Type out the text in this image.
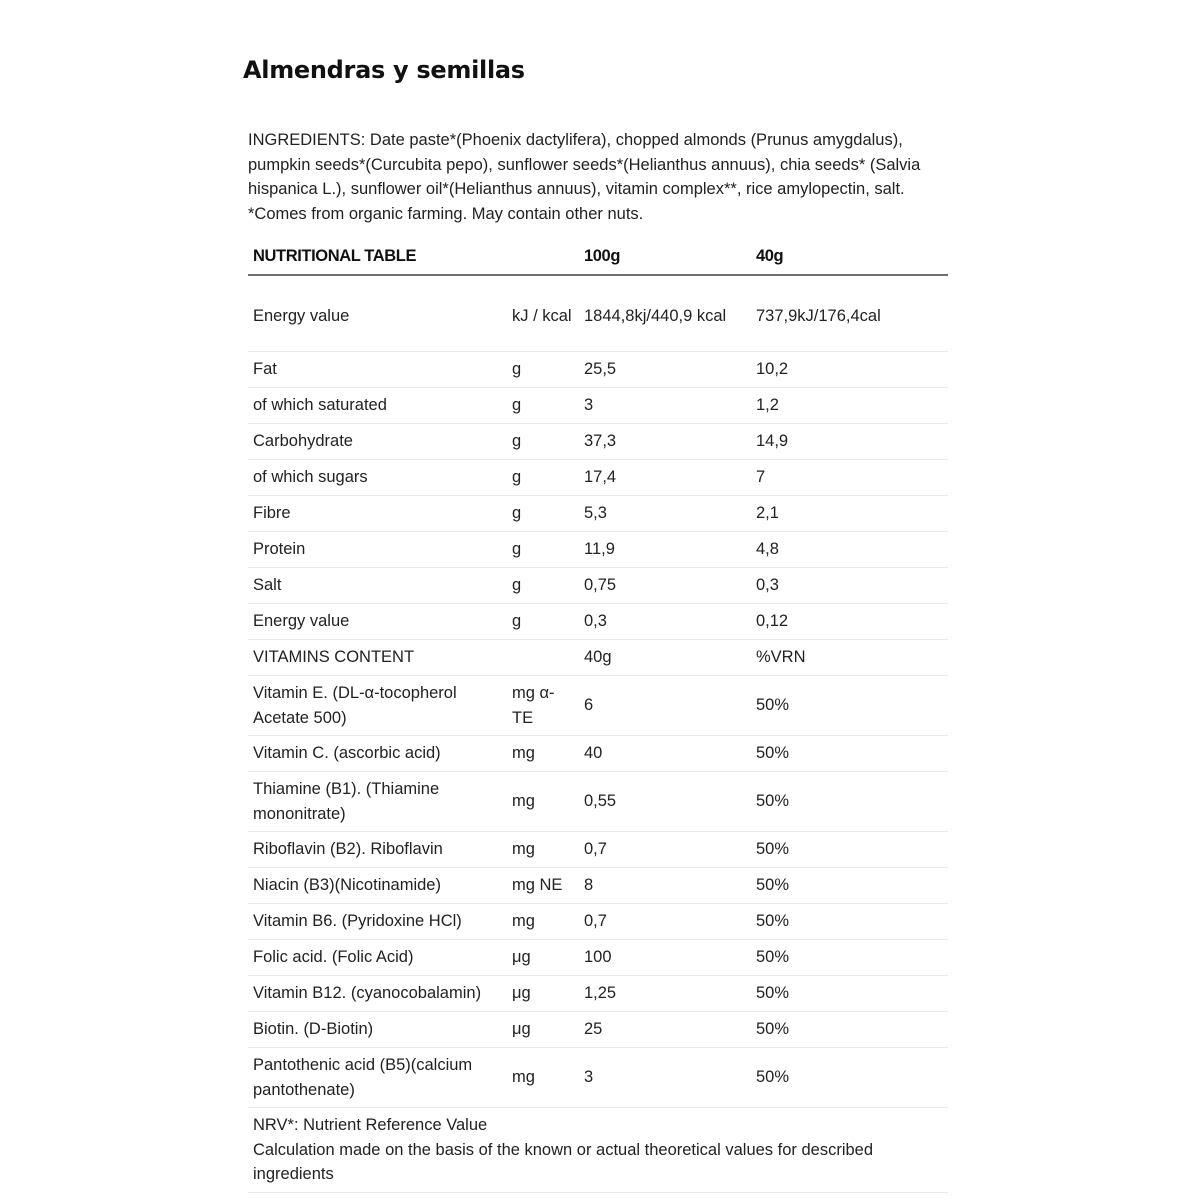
Almendras y semillas

INGREDIENTS: Date paste*(Phoenix dactylifera), chopped almonds (Prunus amygdalus), pumpkin seeds*(Curcubita pepo), sunflower seeds*(Helianthus annuus), chia seeds* (Salvia hispanica L.), sunflower oil*(Helianthus annuus), vitamin complex**, rice amylopectin, salt. *Comes from organic farming. May contain other nuts.

NUTRITIONAL TABLE		100g	40g
Energy value	kJ / kcal	1844,8kj/440,9 kcal	737,9kJ/176,4cal
Fat	g	25,5	10,2
of which saturated	g	3	1,2
Carbohydrate	g	37,3	14,9
of which sugars	g	17,4	7
Fibre	g	5,3	2,1
Protein	g	11,9	4,8
Salt	g	0,75	0,3
Energy value	g	0,3	0,12
VITAMINS CONTENT		40g	%VRN
Vitamin E. (DL-α-tocopherol Acetate 500)	mg α-TE	6	50%
Vitamin C. (ascorbic acid)	mg	40	50%
Thiamine (B1). (Thiamine mononitrate)	mg	0,55	50%
Riboflavin (B2). Riboflavin	mg	0,7	50%
Niacin (B3)(Nicotinamide)	mg NE	8	50%
Vitamin B6. (Pyridoxine HCl)	mg	0,7	50%
Folic acid. (Folic Acid)	μg	100	50%
Vitamin B12. (cyanocobalamin)	μg	1,25	50%
Biotin. (D-Biotin)	μg	25	50%
Pantothenic acid (B5)(calcium pantothenate)	mg	3	50%

NRV*: Nutrient Reference Value
Calculation made on the basis of the known or actual theoretical values for described ingredients			
